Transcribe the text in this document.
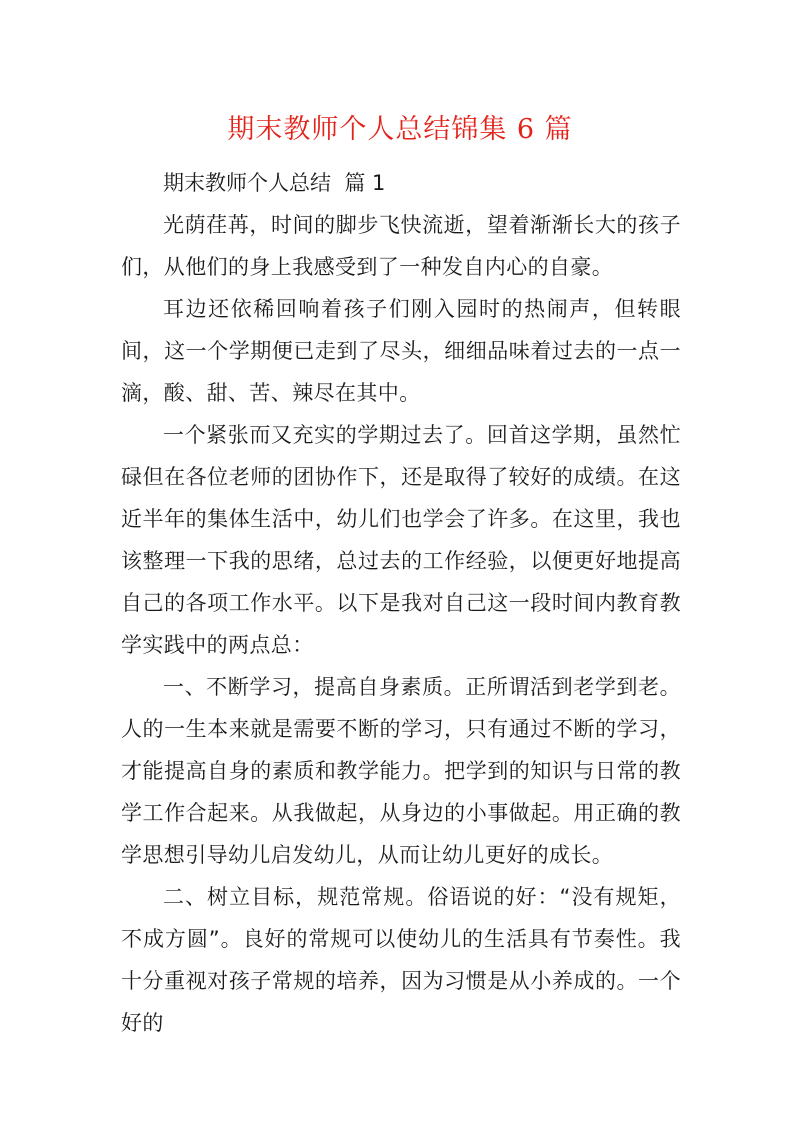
期末教师个人总结锦集 6 篇

期末教师个人总结  篇 1

光荫荏苒，时间的脚步飞快流逝，望着渐渐长大的孩子们，从他们的身上我感受到了一种发自内心的自豪。

耳边还依稀回响着孩子们刚入园时的热闹声，但转眼间，这一个学期便已走到了尽头，细细品味着过去的一点一滴，酸、甜、苦、辣尽在其中。

一个紧张而又充实的学期过去了。回首这学期，虽然忙碌但在各位老师的团协作下，还是取得了较好的成绩。在这近半年的集体生活中，幼儿们也学会了许多。在这里，我也该整理一下我的思绪，总过去的工作经验，以便更好地提高自己的各项工作水平。以下是我对自己这一段时间内教育教学实践中的两点总：

一、不断学习，提高自身素质。正所谓活到老学到老。人的一生本来就是需要不断的学习，只有通过不断的学习，才能提高自身的素质和教学能力。把学到的知识与日常的教学工作合起来。从我做起，从身边的小事做起。用正确的教学思想引导幼儿启发幼儿，从而让幼儿更好的成长。

二、树立目标，规范常规。俗语说的好：“没有规矩，不成方圆”。良好的常规可以使幼儿的生活具有节奏性。我十分重视对孩子常规的培养，因为习惯是从小养成的。一个好的
